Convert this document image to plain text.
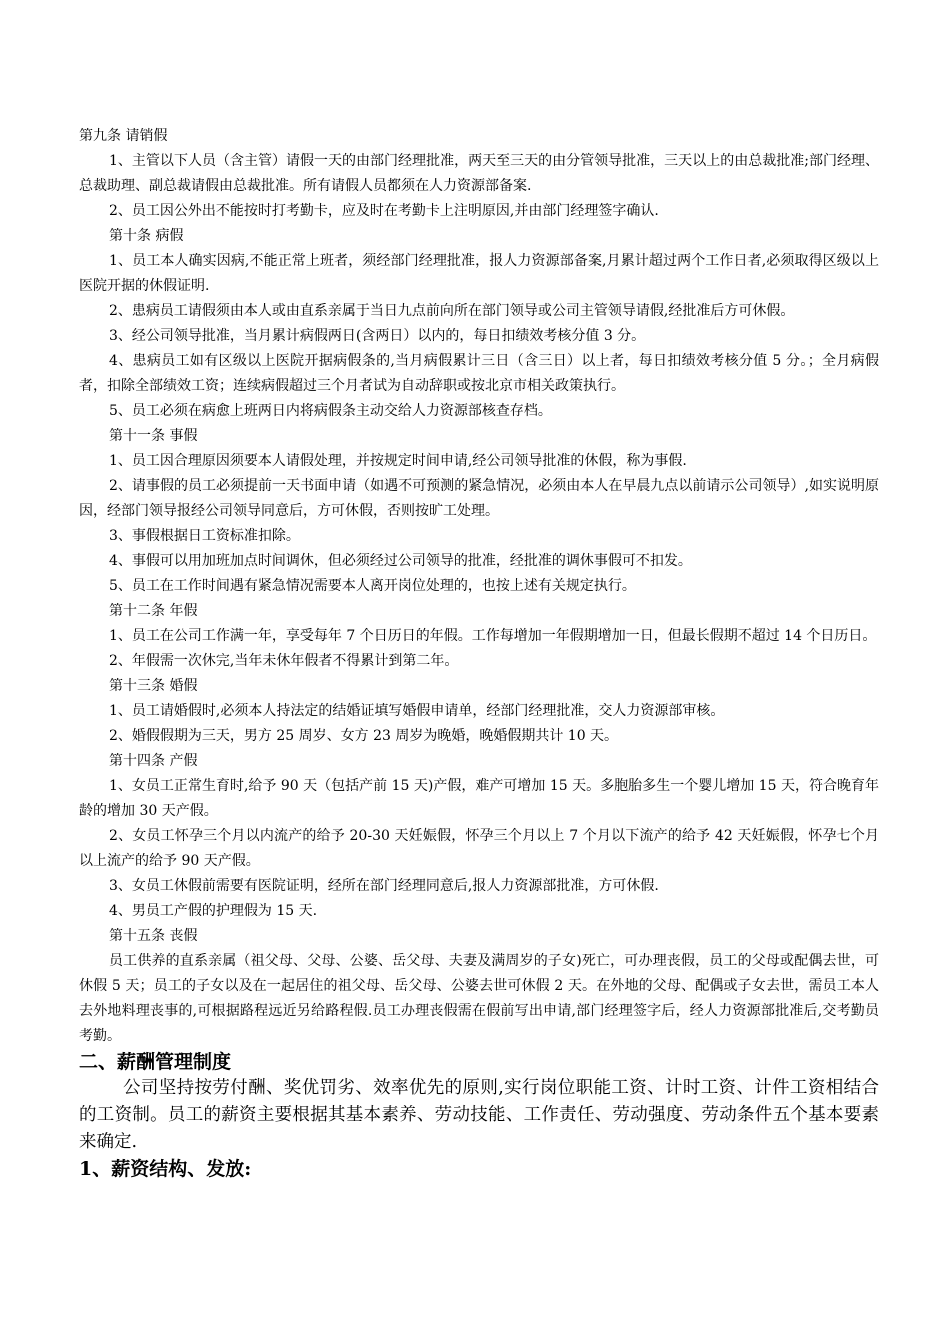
第九条 请销假

1、主管以下人员（含主管）请假一天的由部门经理批准，两天至三天的由分管领导批准，三天以上的由总裁批准;部门经理、总裁助理、副总裁请假由总裁批准。所有请假人员都须在人力资源部备案.

2、员工因公外出不能按时打考勤卡，应及时在考勤卡上注明原因,并由部门经理签字确认.

第十条 病假

1、员工本人确实因病,不能正常上班者，须经部门经理批准，报人力资源部备案,月累计超过两个工作日者,必须取得区级以上医院开据的休假证明.

2、患病员工请假须由本人或由直系亲属于当日九点前向所在部门领导或公司主管领导请假,经批准后方可休假。

3、经公司领导批准，当月累计病假两日(含两日）以内的，每日扣绩效考核分值 3 分。

4、患病员工如有区级以上医院开据病假条的,当月病假累计三日（含三日）以上者，每日扣绩效考核分值 5 分。；全月病假者，扣除全部绩效工资；连续病假超过三个月者试为自动辞职或按北京市相关政策执行。

5、员工必须在病愈上班两日内将病假条主动交给人力资源部核查存档。

第十一条 事假

1、员工因合理原因须要本人请假处理，并按规定时间申请,经公司领导批准的休假，称为事假.

2、请事假的员工必须提前一天书面申请（如遇不可预测的紧急情况，必须由本人在早晨九点以前请示公司领导）,如实说明原因，经部门领导报经公司领导同意后，方可休假，否则按旷工处理。

3、事假根据日工资标准扣除。

4、事假可以用加班加点时间调休，但必须经过公司领导的批准，经批准的调休事假可不扣发。

5、员工在工作时间遇有紧急情况需要本人离开岗位处理的，也按上述有关规定执行。

第十二条 年假

1、员工在公司工作满一年，享受每年 7 个日历日的年假。工作每增加一年假期增加一日，但最长假期不超过 14 个日历日。

2、年假需一次休完,当年未休年假者不得累计到第二年。

第十三条 婚假

1、员工请婚假时,必须本人持法定的结婚证填写婚假申请单，经部门经理批准，交人力资源部审核。

2、婚假假期为三天，男方 25 周岁、女方 23 周岁为晚婚，晚婚假期共计 10 天。

第十四条 产假

1、女员工正常生育时,给予 90 天（包括产前 15 天)产假，难产可增加 15 天。多胞胎多生一个婴儿增加 15 天，符合晚育年龄的增加 30 天产假。

2、女员工怀孕三个月以内流产的给予 20-30 天妊娠假，怀孕三个月以上 7 个月以下流产的给予 42 天妊娠假，怀孕七个月以上流产的给予 90 天产假。

3、女员工休假前需要有医院证明，经所在部门经理同意后,报人力资源部批准，方可休假.

4、男员工产假的护理假为 15 天.

第十五条 丧假

员工供养的直系亲属（祖父母、父母、公婆、岳父母、夫妻及满周岁的子女)死亡，可办理丧假，员工的父母或配偶去世，可休假 5 天；员工的子女以及在一起居住的祖父母、岳父母、公婆去世可休假 2 天。在外地的父母、配偶或子女去世，需员工本人去外地料理丧事的,可根据路程远近另给路程假.员工办理丧假需在假前写出申请,部门经理签字后，经人力资源部批准后,交考勤员考勤。

二、薪酬管理制度

公司坚持按劳付酬、奖优罚劣、效率优先的原则,实行岗位职能工资、计时工资、计件工资相结合的工资制。员工的薪资主要根据其基本素养、劳动技能、工作责任、劳动强度、劳动条件五个基本要素来确定.

1、薪资结构、发放:
